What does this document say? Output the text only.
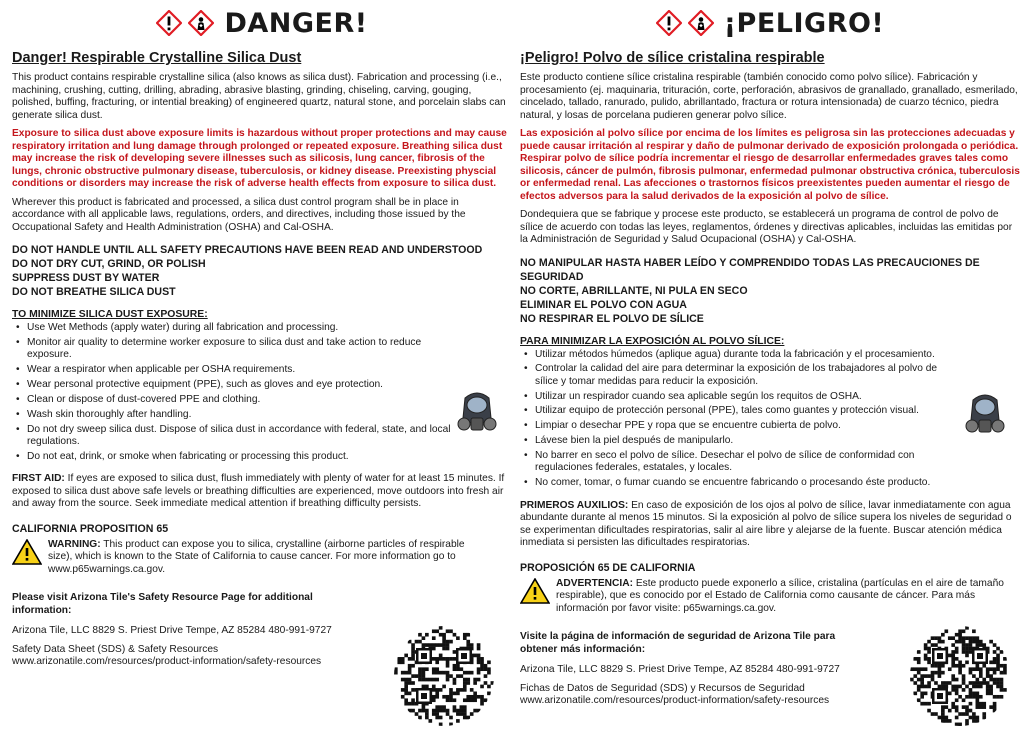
DANGER!
Danger! Respirable Crystalline Silica Dust

This product contains respirable crystalline silica (also knows as silica dust). Fabrication and processing (i.e., machining, crushing, cutting, drilling, abrading, abrasive blasting, grinding, chiseling, carving, gouging, polished, buffing, fracturing, or intential breaking) of engineered quartz, natural stone, and porcelain slabs can generate silica dust.

Exposure to silica dust above exposure limits is hazardous without proper protections and may cause respiratory irritation and lung damage through prolonged or repeated exposure. Breathing silica dust may increase the risk of developing severe illnesses such as silicosis, lung cancer, fibrosis of the lungs, chronic obstructive pulmonary disease, tuberculosis, or kidney disease. Preexisting physcial conditions or disorders may increase the risk of adverse health effects from exposure to silica dust.

Wherever this product is fabricated and processed, a silica dust control program shall be in place in accordance with all applicable laws, regulations, orders, and directives, including those issued by the Occupational Safety and Health Administration (OSHA) and Cal-OSHA.

DO NOT HANDLE UNTIL ALL SAFETY PRECAUTIONS HAVE BEEN READ AND UNDERSTOOD
DO NOT DRY CUT, GRIND, OR POLISH
SUPPRESS DUST BY WATER
DO NOT BREATHE SILICA DUST
TO MINIMIZE SILICA DUST EXPOSURE:
• Use Wet Methods (apply water) during all fabrication and processing.
• Monitor air quality to determine worker exposure to silica dust and take action to reduce exposure.
• Wear a respirator when applicable per OSHA requirements.
• Wear personal protective equipment (PPE), such as gloves and eye protection.
• Clean or dispose of dust-covered PPE and clothing.
• Wash skin thoroughly after handling.
• Do not dry sweep silica dust. Dispose of silica dust in accordance with federal, state, and local regulations.
• Do not eat, drink, or smoke when fabricating or processing this product.

FIRST AID: If eyes are exposed to silica dust, flush immediately with plenty of water for at least 15 minutes. If exposed to silica dust above safe levels or breathing difficulties are experienced, move outdoors into fresh air and away from the source. Seek immediate medical attention if breathing difficulty persists.

CALIFORNIA PROPOSITION 65

WARNING: This product can expose you to silica, crystalline (airborne particles of respirable size), which is known to the State of California to cause cancer. For more information go to www.p65warnings.ca.gov.

Please visit Arizona Tile's Safety Resource Page for additional information:

Arizona Tile, LLC 8829 S. Priest Drive Tempe, AZ 85284 480-991-9727

Safety Data Sheet (SDS) & Safety Resources

www.arizonatile.com/resources/product-information/safety-resources

¡PELIGRO!
¡Peligro! Polvo de sílice cristalina respirable

Este producto contiene sílice cristalina respirable (también conocido como polvo sílice). Fabricación y procesamiento (ej. maquinaria, trituración, corte, perforación, abrasivos de granallado, granallado, esmerilado, cincelado, tallado, ranurado, pulido, abrillantado, fractura or rotura intensionada) de cuarzo técnico, piedra natural, y losas de porcelana pudieren generar polvo sílice.

Las exposición al polvo sílice por encima de los límites es peligrosa sin las protecciones adecuadas y puede causar irritación al respirar y daño de pulmonar derivado de exposición prolongada o periódica. Respirar polvo de sílice podría incrementar el riesgo de desarrollar enfermedades graves tales como silicosis, cáncer de pulmón, fibrosis pulmonar, enfermedad pulmonar obstructiva crónica, tuberculosis or enfermedad renal. Las afecciones o trastornos físicos preexistentes pueden aumentar el riesgo de efectos adversos para la salud derivados de la exposición al polvo de sílice.

Dondequiera que se fabrique y procese este producto, se establecerá un programa de control de polvo de sílice de acuerdo con todas las leyes, reglamentos, órdenes y directivas aplicables, incluidas las emitidas por la Administración de Seguridad y Salud Ocupacional (OSHA) y Cal-OSHA.

NO MANIPULAR HASTA HABER LEÍDO Y COMPRENDIDO TODAS LAS PRECAUCIONES DE SEGURIDAD
NO CORTE, ABRILLANTE, NI PULA EN SECO
ELIMINAR EL POLVO CON AGUA
NO RESPIRAR EL POLVO DE SÍLICE
PARA MINIMIZAR LA EXPOSICIÓN AL POLVO SÍLICE:
• Utilizar métodos húmedos (aplique agua) durante toda la fabricación y el procesamiento.
• Controlar la calidad del aire para determinar la exposición de los trabajadores al polvo de sílice y tomar medidas para reducir la exposición.
• Utilizar un respirador cuando sea aplicable según los requitos de OSHA.
• Utilizar equipo de protección personal (PPE), tales como guantes y protección visual.
• Limpiar o desechar PPE y ropa que se encuentre cubierta de polvo.
• Lávese bien la piel después de manipularlo.
• No barrer en seco el polvo de sílice. Desechar el polvo de sílice de conformidad con regulaciones federales, estatales, y locales.
• No comer, tomar, o fumar cuando se encuentre fabricando o procesando éste producto.

PRIMEROS AUXILIOS: En caso de exposición de los ojos al polvo de sílice, lavar inmediatamente con agua abundante durante al menos 15 minutos. Si la exposición al polvo de sílice supera los niveles de seguridad o se experimentan dificultades respiratorias, salir al aire libre y alejarse de la fuente. Buscar atención médica inmediata si persisten las dificultades respiratorias.

PROPOSICIÓN 65 DE CALIFORNIA

ADVERTENCIA: Este producto puede exponerlo a sílice, cristalina (partículas en el aire de tamaño respirable), que es conocido por el Estado de California como causante de cáncer. Para más información por favor visite: p65warnings.ca.gov.

Visite la página de información de seguridad de Arizona Tile para obtener más información:

Arizona Tile, LLC 8829 S. Priest Drive Tempe, AZ 85284 480-991-9727

Fichas de Datos de Seguridad (SDS) y Recursos de Seguridad

www.arizonatile.com/resources/product-information/safety-resources
